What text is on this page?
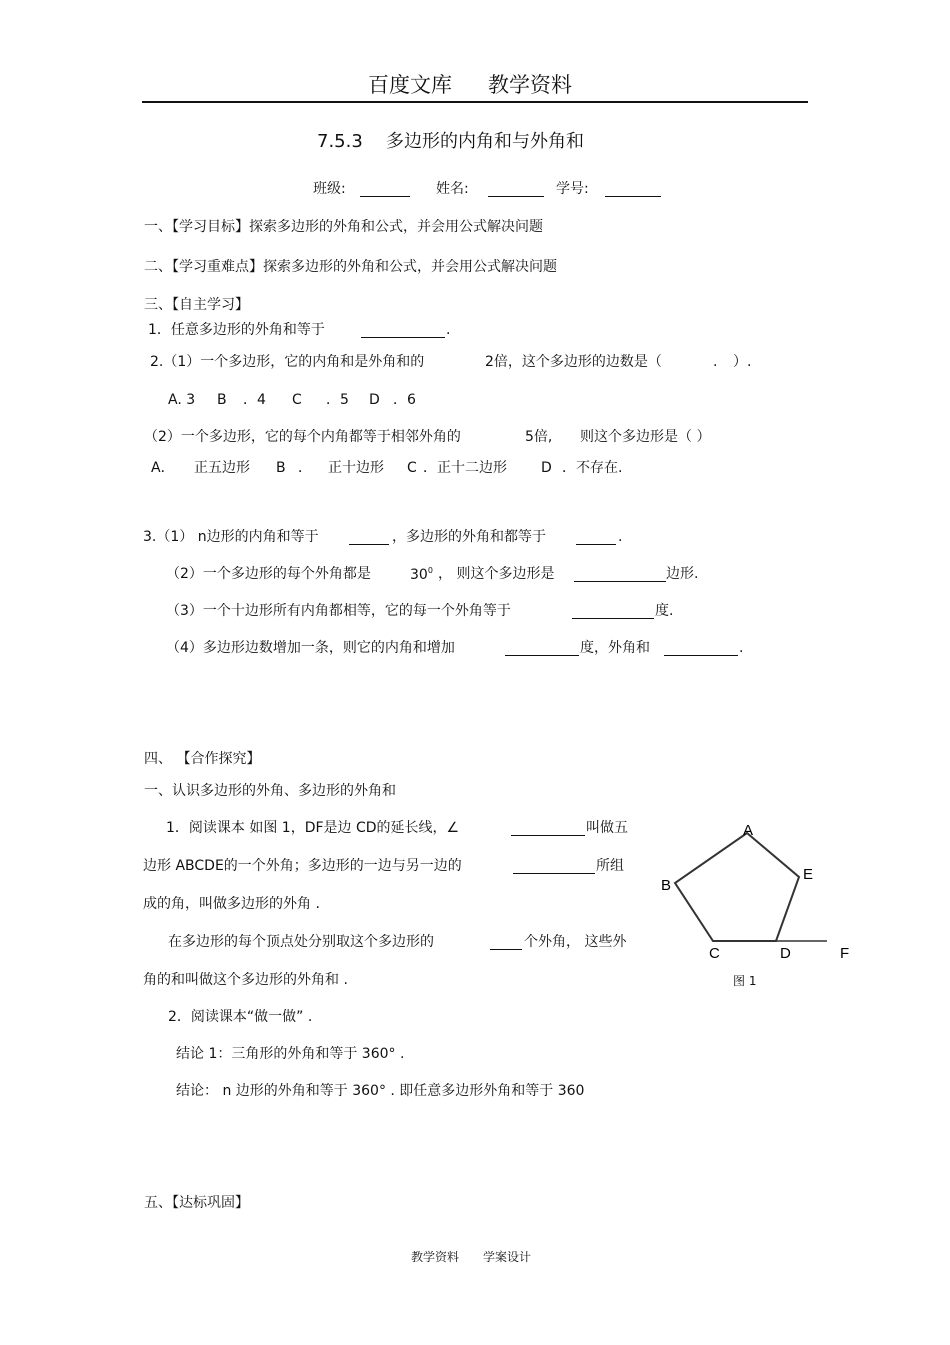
百度文库 教学资料
7.5.3 多边形的内角和与外角和
班级:	姓名:	学号:
一、【学习目标】探索多边形的外角和公式，并会用公式解决问题
二、【学习重难点】探索多边形的外角和公式，并会用公式解决问题
三、【自主学习】
1．任意多边形的外角和等于	.
2.（1）一个多边形，它的内角和是外角和的	2倍，这个多边形的边数是（	. ）.
A. 3 B ．4 C ．5 D ．6
（2）一个多边形，它的每个内角都等于相邻外角的	5倍, 则这个多边形是（ ）
A． 正五边形 B ． 正十边形 C ．正十二边形 D ．不存在.
3.（1） n边形的内角和等于	，多边形的外角和都等于	.
（2）一个多边形的每个外角都是	$30^0$ ， 则这个多边形是	边形.
（3）一个十边形所有内角都相等，它的每一个外角等于	度.
（4）多边形边数增加一条，则它的内角和增加	度，外角和	.
四、 【合作探究】
一、认识多边形的外角、多边形的外角和
1．阅读课本 如图 1，DF是边 CD的延长线，∠	叫做五
边形 ABCDE的一个外角；多边形的一边与另一边的	所组
成的角，叫做多边形的外角 .
在多边形的每个顶点处分别取这个多边形的	个外角， 这些外
角的和叫做这个多边形的外角和 .
2．阅读课本“做一做” .
结论 1：三角形的外角和等于 360° .
结论： n 边形的外角和等于 360° . 即任意多边形外角和等于 360
A
B
C	D
E
F
图 1
五、【达标巩固】
教学资料 学案设计
